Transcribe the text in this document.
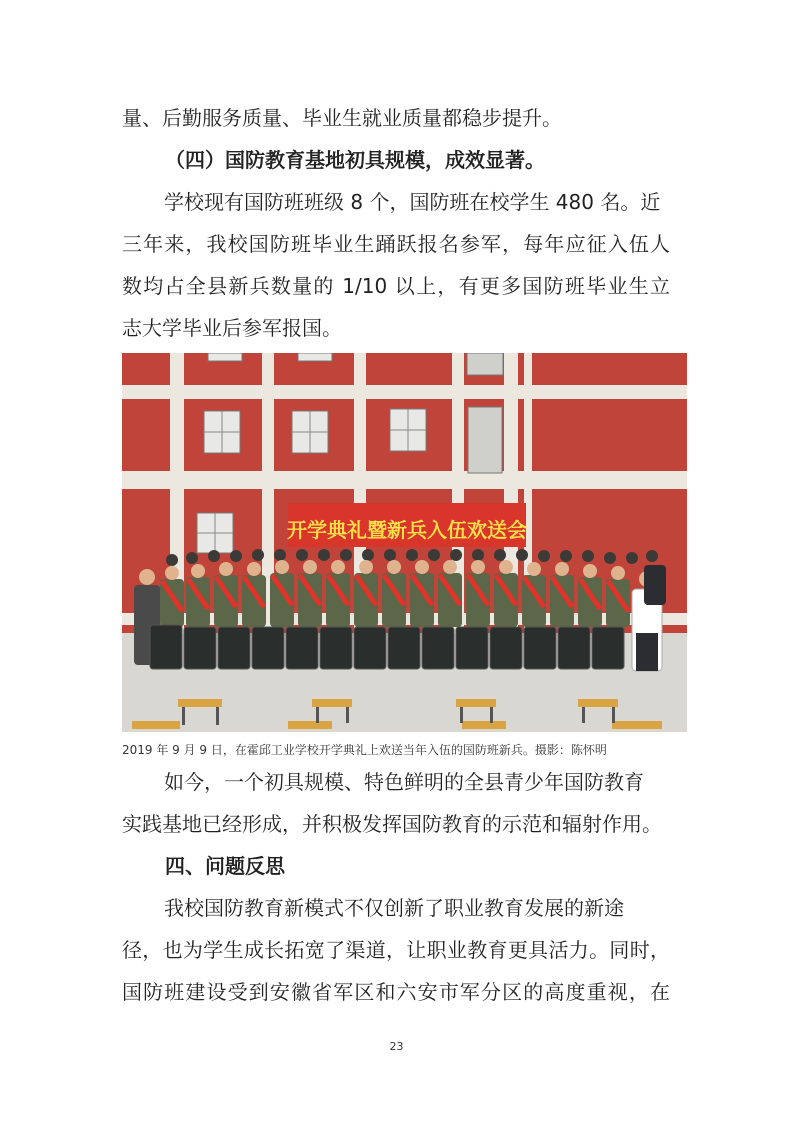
量、后勤服务质量、毕业生就业质量都稳步提升。
（四）国防教育基地初具规模，成效显著。
学校现有国防班班级 8 个，国防班在校学生 480 名。近
三年来，我校国防班毕业生踊跃报名参军，每年应征入伍人
数均占全县新兵数量的 1/10 以上，有更多国防班毕业生立
志大学毕业后参军报国。
开学典礼暨新兵入伍欢送会
2019 年 9 月 9 日，在霍邱工业学校开学典礼上欢送当年入伍的国防班新兵。摄影：陈怀明
如今，一个初具规模、特色鲜明的全县青少年国防教育
实践基地已经形成，并积极发挥国防教育的示范和辐射作用。
四、问题反思
我校国防教育新模式不仅创新了职业教育发展的新途
径，也为学生成长拓宽了渠道，让职业教育更具活力。同时，
国防班建设受到安徽省军区和六安市军分区的高度重视，在
23
